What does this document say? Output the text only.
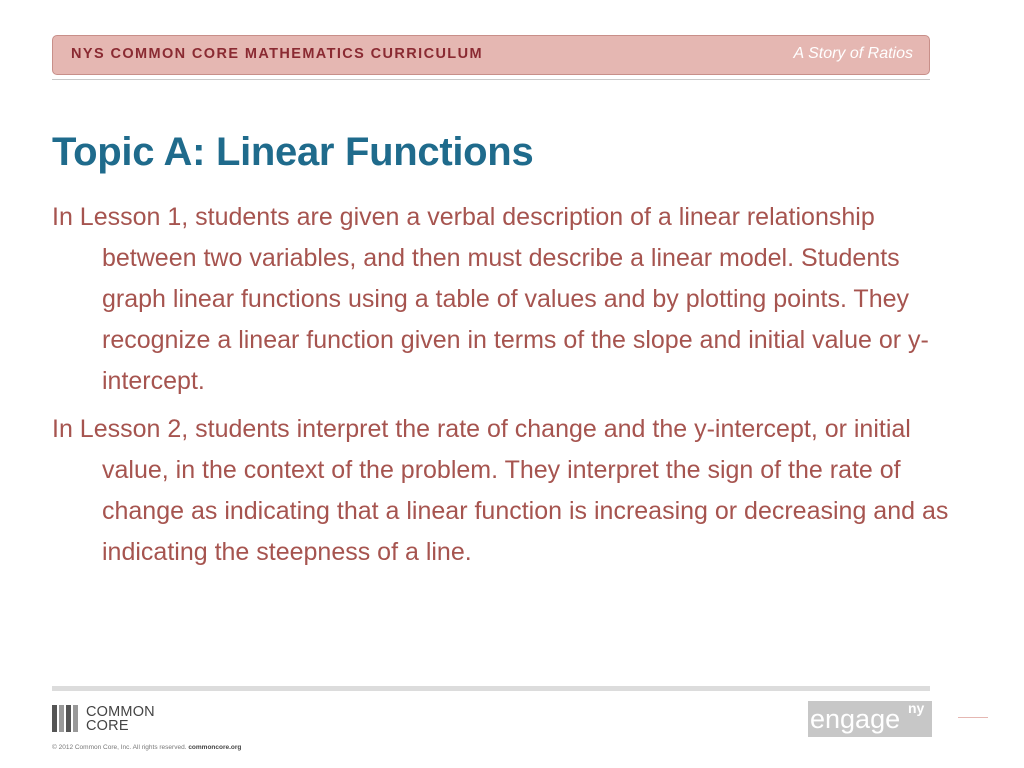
NYS COMMON CORE MATHEMATICS CURRICULUM	A Story of Ratios
Topic A: Linear Functions

In Lesson 1, students are given a verbal description of a linear relationship between two variables, and then must describe a linear model. Students graph linear functions using a table of values and by plotting points. They recognize a linear function given in terms of the slope and initial value or y-intercept.

In Lesson 2, students interpret the rate of change and the y-intercept, or initial value, in the context of the problem. They interpret the sign of the rate of change as indicating that a linear function is increasing or decreasing and as indicating the steepness of a line.

COMMON
CORE
© 2012 Common Core, Inc. All rights reserved. commoncore.org
engage ny
